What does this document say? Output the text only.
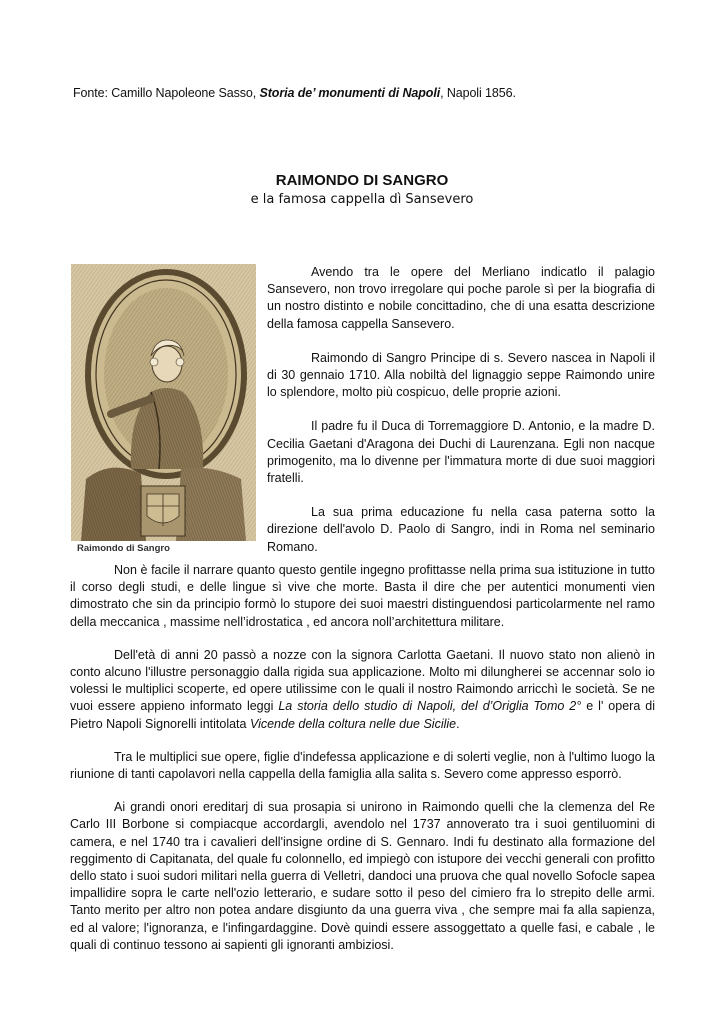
Fonte: Camillo Napoleone Sasso, Storia de’ monumenti di Napoli, Napoli 1856.
RAIMONDO DI SANGRO
e la famosa cappella dì Sansevero
Raimondo di Sangro

Avendo tra le opere del Merliano indicatlo il palagio Sansevero, non trovo irregolare qui poche parole sì per la biografia di un nostro distinto e nobile concittadino, che di una esatta descrizione della famosa cappella Sansevero.

Raimondo di Sangro Principe di s. Severo nascea in Napoli il di 30 gennaio 1710. Alla nobiltà del lignaggio seppe Raimondo unire lo splendore, molto più cospicuo, delle proprie azioni.

Il padre fu il Duca di Torremaggiore D. Antonio, e la madre D. Cecilia Gaetani d'Aragona dei Duchi di Laurenzana. Egli non nacque primogenito, ma lo divenne per l'immatura morte di due suoi maggiori fratelli.

La sua prima educazione fu nella casa paterna sotto la direzione dell'avolo D. Paolo di Sangro, indi in Roma nel seminario Romano.

Non è facile il narrare quanto questo gentile ingegno profittasse nella prima sua istituzione in tutto il corso degli studi, e delle lingue sì vive che morte. Basta il dire che per autentici monumenti vien dimostrato che sin da principio formò lo stupore dei suoi maestri distinguendosi particolarmente nel ramo della meccanica , massime nell’idrostatica , ed ancora noll’architettura militare.

Dell'età di anni 20 passò a nozze con la signora Carlotta Gaetani. Il nuovo stato non alienò in conto alcuno l'illustre personaggio dalla rigida sua applicazione. Molto mi dilungherei se accennar solo io volessi le multiplici scoperte, ed opere utilissime con le quali il nostro Raimondo arricchì le società. Se ne vuoi essere appieno informato leggi La storia dello studio di Napoli, del d’Origlia Tomo 2° e l' opera di Pietro Napoli Signorelli intitolata Vicende della coltura nelle due Sicilie.

Tra le multiplici sue opere, figlie d'indefessa applicazione e di solerti veglie, non à l'ultimo luogo la riunione di tanti capolavori nella cappella della famiglia alla salita s. Severo come appresso esporrò.

Ai grandi onori ereditarj di sua prosapia si unirono in Raimondo quelli che la clemenza del Re Carlo III Borbone si compiacque accordargli, avendolo nel 1737 annoverato tra i suoi gentiluomini di camera, e nel 1740 tra i cavalieri dell'insigne ordine di S. Gennaro. Indi fu destinato alla formazione del reggimento di Capitanata, del quale fu colonnello, ed impiegò con istupore dei vecchi generali con profitto dello stato i suoi sudori militari nella guerra di Velletri, dandoci una pruova che qual novello Sofocle sapea impallidire sopra le carte nell'ozio letterario, e sudare sotto il peso del cimiero fra lo strepito delle armi. Tanto merito per altro non potea andare disgiunto da una guerra viva , che sempre mai fa alla sapienza, ed al valore; l'ignoranza, e l'infingardaggine. Dovè quindi essere assoggettato a quelle fasi, e cabale , le quali di continuo tessono ai sapienti gli ignoranti ambiziosi.
